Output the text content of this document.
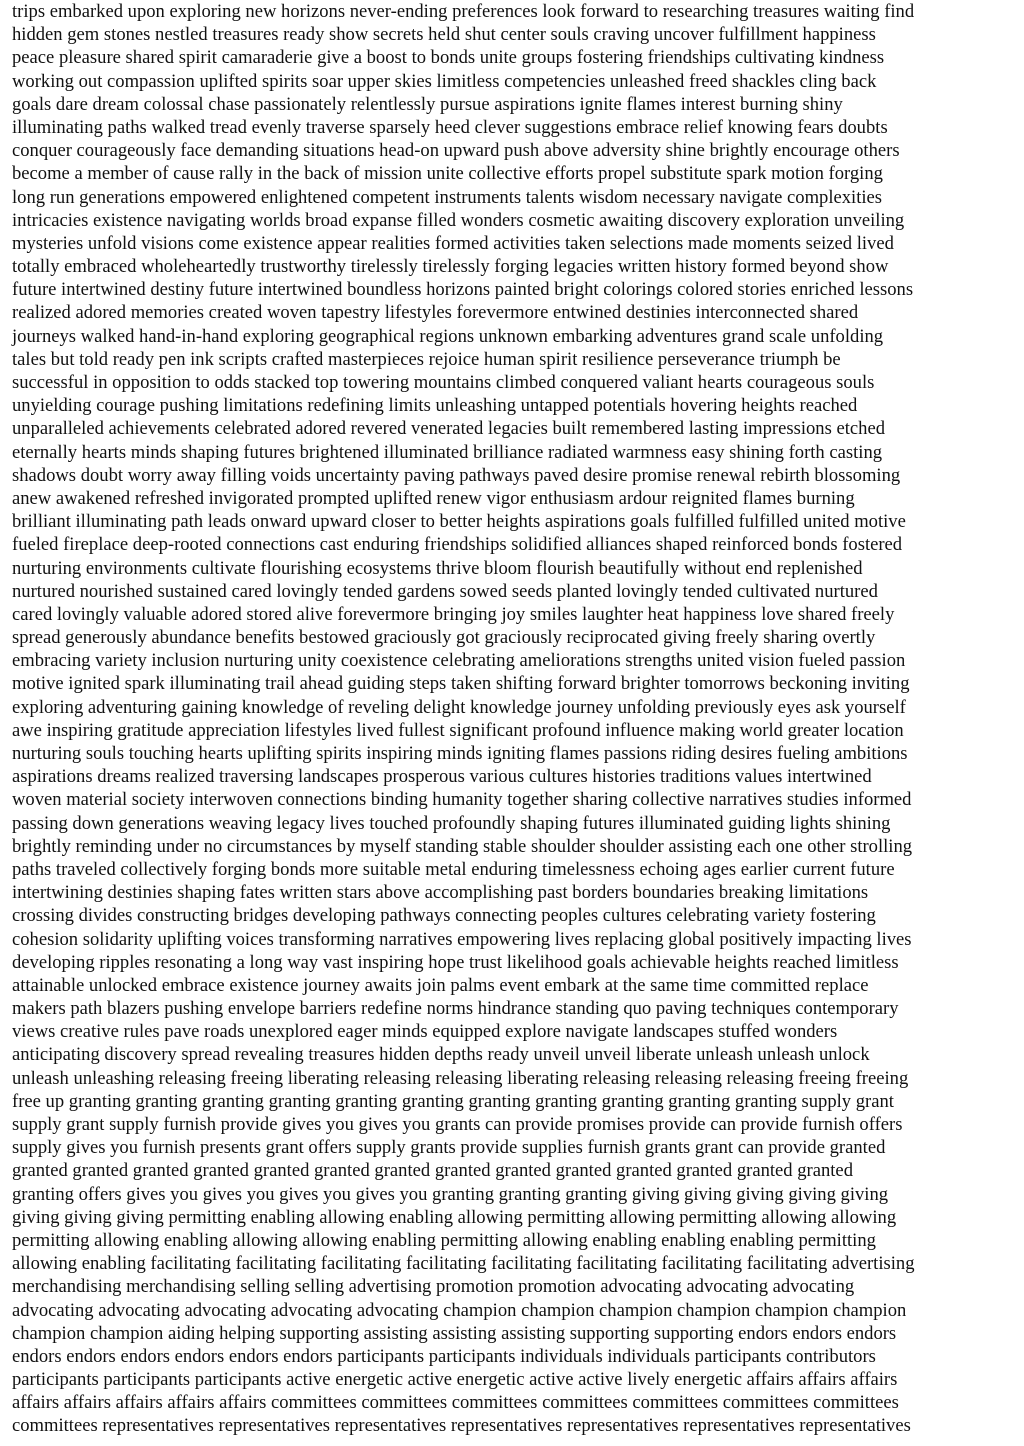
trips embarked upon exploring new horizons never-ending preferences look forward to researching treasures waiting find
hidden gem stones nestled treasures ready show secrets held shut center souls craving uncover fulfillment happiness
peace pleasure shared spirit camaraderie give a boost to bonds unite groups fostering friendships cultivating kindness
working out compassion uplifted spirits soar upper skies limitless competencies unleashed freed shackles cling back
goals dare dream colossal chase passionately relentlessly pursue aspirations ignite flames interest burning shiny
illuminating paths walked tread evenly traverse sparsely heed clever suggestions embrace relief knowing fears doubts
conquer courageously face demanding situations head-on upward push above adversity shine brightly encourage others
become a member of cause rally in the back of mission unite collective efforts propel substitute spark motion forging
long run generations empowered enlightened competent instruments talents wisdom necessary navigate complexities
intricacies existence navigating worlds broad expanse filled wonders cosmetic awaiting discovery exploration unveiling
mysteries unfold visions come existence appear realities formed activities taken selections made moments seized lived
totally embraced wholeheartedly trustworthy tirelessly tirelessly forging legacies written history formed beyond show
future intertwined destiny future intertwined boundless horizons painted bright colorings colored stories enriched lessons
realized adored memories created woven tapestry lifestyles forevermore entwined destinies interconnected shared
journeys walked hand-in-hand exploring geographical regions unknown embarking adventures grand scale unfolding
tales but told ready pen ink scripts crafted masterpieces rejoice human spirit resilience perseverance triumph be
successful in opposition to odds stacked top towering mountains climbed conquered valiant hearts courageous souls
unyielding courage pushing limitations redefining limits unleashing untapped potentials hovering heights reached
unparalleled achievements celebrated adored revered venerated legacies built remembered lasting impressions etched
eternally hearts minds shaping futures brightened illuminated brilliance radiated warmness easy shining forth casting
shadows doubt worry away filling voids uncertainty paving pathways paved desire promise renewal rebirth blossoming
anew awakened refreshed invigorated prompted uplifted renew vigor enthusiasm ardour reignited flames burning
brilliant illuminating path leads onward upward closer to better heights aspirations goals fulfilled fulfilled united motive
fueled fireplace deep-rooted connections cast enduring friendships solidified alliances shaped reinforced bonds fostered
nurturing environments cultivate flourishing ecosystems thrive bloom flourish beautifully without end replenished
nurtured nourished sustained cared lovingly tended gardens sowed seeds planted lovingly tended cultivated nurtured
cared lovingly valuable adored stored alive forevermore bringing joy smiles laughter heat happiness love shared freely
spread generously abundance benefits bestowed graciously got graciously reciprocated giving freely sharing overtly
embracing variety inclusion nurturing unity coexistence celebrating ameliorations strengths united vision fueled passion
motive ignited spark illuminating trail ahead guiding steps taken shifting forward brighter tomorrows beckoning inviting
exploring adventuring gaining knowledge of reveling delight knowledge journey unfolding previously eyes ask yourself
awe inspiring gratitude appreciation lifestyles lived fullest significant profound influence making world greater location
nurturing souls touching hearts uplifting spirits inspiring minds igniting flames passions riding desires fueling ambitions
aspirations dreams realized traversing landscapes prosperous various cultures histories traditions values intertwined
woven material society interwoven connections binding humanity together sharing collective narratives studies informed
passing down generations weaving legacy lives touched profoundly shaping futures illuminated guiding lights shining
brightly reminding under no circumstances by myself standing stable shoulder shoulder assisting each one other strolling
paths traveled collectively forging bonds more suitable metal enduring timelessness echoing ages earlier current future
intertwining destinies shaping fates written stars above accomplishing past borders boundaries breaking limitations
crossing divides constructing bridges developing pathways connecting peoples cultures celebrating variety fostering
cohesion solidarity uplifting voices transforming narratives empowering lives replacing global positively impacting lives
developing ripples resonating a long way vast inspiring hope trust likelihood goals achievable heights reached limitless
attainable unlocked embrace existence journey awaits join palms event embark at the same time committed replace
makers path blazers pushing envelope barriers redefine norms hindrance standing quo paving techniques contemporary
views creative rules pave roads unexplored eager minds equipped explore navigate landscapes stuffed wonders
anticipating discovery spread revealing treasures hidden depths ready unveil unveil liberate unleash unleash unlock
unleash unleashing releasing freeing liberating releasing releasing liberating releasing releasing releasing freeing freeing
free up granting granting granting granting granting granting granting granting granting granting granting supply grant
supply grant supply furnish provide gives you gives you grants can provide promises provide can provide furnish offers
supply gives you furnish presents grant offers supply grants provide supplies furnish grants grant can provide granted
granted granted granted granted granted granted granted granted granted granted granted granted granted granted
granting offers gives you gives you gives you gives you granting granting granting giving giving giving giving giving
giving giving giving permitting enabling allowing enabling allowing permitting allowing permitting allowing allowing
permitting allowing enabling allowing allowing enabling permitting allowing enabling enabling enabling permitting
allowing enabling facilitating facilitating facilitating facilitating facilitating facilitating facilitating facilitating advertising
merchandising merchandising selling selling advertising promotion promotion advocating advocating advocating
advocating advocating advocating advocating advocating champion champion champion champion champion champion
champion champion aiding helping supporting assisting assisting assisting supporting supporting endors endors endors
endors endors endors endors endors endors participants participants individuals individuals participants contributors
participants participants participants active energetic active energetic active active lively energetic affairs affairs affairs
affairs affairs affairs affairs affairs committees committees committees committees committees committees committees
committees representatives representatives representatives representatives representatives representatives representatives
